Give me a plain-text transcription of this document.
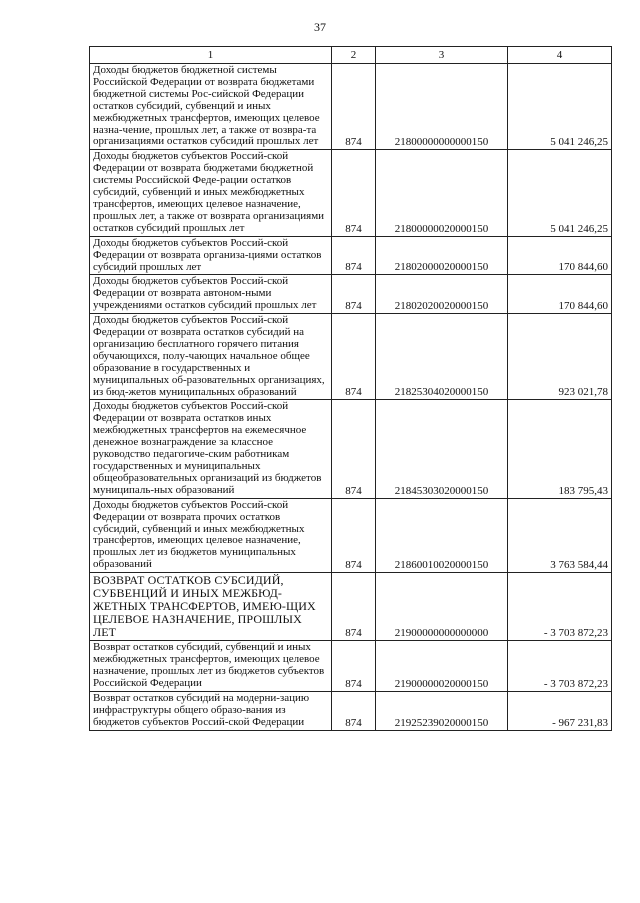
37
1	2	3	4
Доходы бюджетов бюджетной системы Российской Федерации от возврата бюджетами бюджетной системы Рос-сийской Федерации остатков субсидий, субвенций и иных межбюджетных трансфертов, имеющих целевое назна-чение, прошлых лет, а также от возвра-та организациями остатков субсидий прошлых лет	874	21800000000000150	5 041 246,25
Доходы бюджетов субъектов Россий-ской Федерации от возврата бюджетами бюджетной системы Российской Феде-рации остатков субсидий, субвенций и иных межбюджетных трансфертов, имеющих целевое назначение, прошлых лет, а также от возврата организациями остатков субсидий прошлых лет	874	21800000020000150	5 041 246,25
Доходы бюджетов субъектов Россий-ской Федерации от возврата организа-циями остатков субсидий прошлых лет	874	21802000020000150	170 844,60
Доходы бюджетов субъектов Россий-ской Федерации от возврата автоном-ными учреждениями остатков субсидий прошлых лет	874	21802020020000150	170 844,60
Доходы бюджетов субъектов Россий-ской Федерации от возврата остатков субсидий на организацию бесплатного горячего питания обучающихся, полу-чающих начальное общее образование в государственных и муниципальных об-разовательных организациях, из бюд-жетов муниципальных образований	874	21825304020000150	923 021,78
Доходы бюджетов субъектов Россий-ской Федерации от возврата остатков иных межбюджетных трансфертов на ежемесячное денежное вознаграждение за классное руководство педагогиче-ским работникам государственных и муниципальных общеобразовательных организаций из бюджетов муниципаль-ных образований	874	21845303020000150	183 795,43
Доходы бюджетов субъектов Россий-ской Федерации от возврата прочих остатков субсидий, субвенций и иных межбюджетных трансфертов, имеющих целевое назначение, прошлых лет из бюджетов муниципальных образований	874	21860010020000150	3 763 584,44
ВОЗВРАТ ОСТАТКОВ СУБСИДИЙ, СУБВЕНЦИЙ И ИНЫХ МЕЖБЮД-ЖЕТНЫХ ТРАНСФЕРТОВ, ИМЕЮ-ЩИХ ЦЕЛЕВОЕ НАЗНАЧЕНИЕ, ПРОШЛЫХ ЛЕТ	874	21900000000000000	- 3 703 872,23
Возврат остатков субсидий, субвенций и иных межбюджетных трансфертов, имеющих целевое назначение, прошлых лет из бюджетов субъектов Российской Федерации	874	21900000020000150	- 3 703 872,23
Возврат остатков субсидий на модерни-зацию инфраструктуры общего образо-вания из бюджетов субъектов Россий-ской Федерации	874	21925239020000150	- 967 231,83
